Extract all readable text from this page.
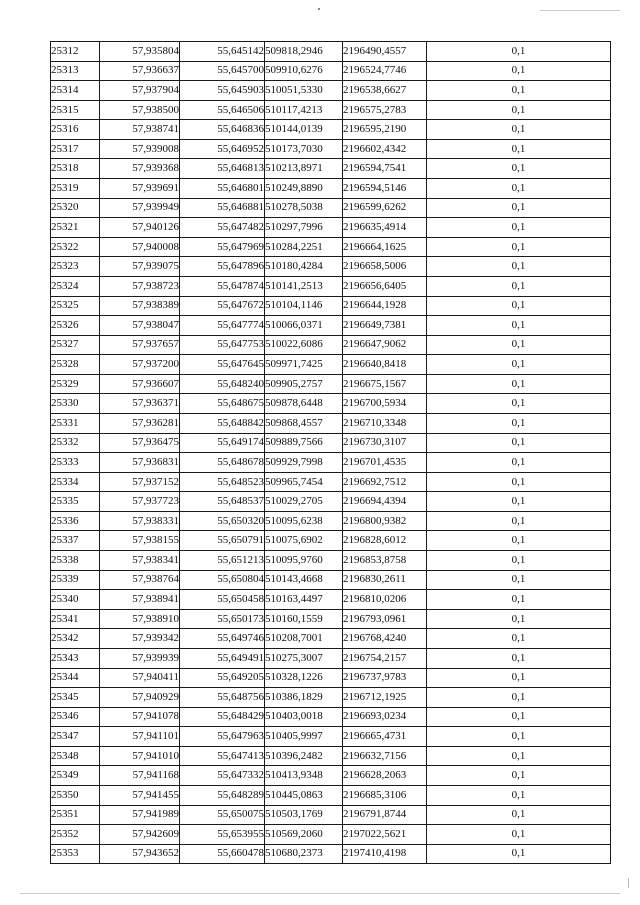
25312	57,935804	55,645142	509818,2946	2196490,4557	0,1
25313	57,936637	55,645700	509910,6276	2196524,7746	0,1
25314	57,937904	55,645903	510051,5330	2196538,6627	0,1
25315	57,938500	55,646506	510117,4213	2196575,2783	0,1
25316	57,938741	55,646836	510144,0139	2196595,2190	0,1
25317	57,939008	55,646952	510173,7030	2196602,4342	0,1
25318	57,939368	55,646813	510213,8971	2196594,7541	0,1
25319	57,939691	55,646801	510249,8890	2196594,5146	0,1
25320	57,939949	55,646881	510278,5038	2196599,6262	0,1
25321	57,940126	55,647482	510297,7996	2196635,4914	0,1
25322	57,940008	55,647969	510284,2251	2196664,1625	0,1
25323	57,939075	55,647896	510180,4284	2196658,5006	0,1
25324	57,938723	55,647874	510141,2513	2196656,6405	0,1
25325	57,938389	55,647672	510104,1146	2196644,1928	0,1
25326	57,938047	55,647774	510066,0371	2196649,7381	0,1
25327	57,937657	55,647753	510022,6086	2196647,9062	0,1
25328	57,937200	55,647645	509971,7425	2196640,8418	0,1
25329	57,936607	55,648240	509905,2757	2196675,1567	0,1
25330	57,936371	55,648675	509878,6448	2196700,5934	0,1
25331	57,936281	55,648842	509868,4557	2196710,3348	0,1
25332	57,936475	55,649174	509889,7566	2196730,3107	0,1
25333	57,936831	55,648678	509929,7998	2196701,4535	0,1
25334	57,937152	55,648523	509965,7454	2196692,7512	0,1
25335	57,937723	55,648537	510029,2705	2196694,4394	0,1
25336	57,938331	55,650320	510095,6238	2196800,9382	0,1
25337	57,938155	55,650791	510075,6902	2196828,6012	0,1
25338	57,938341	55,651213	510095,9760	2196853,8758	0,1
25339	57,938764	55,650804	510143,4668	2196830,2611	0,1
25340	57,938941	55,650458	510163,4497	2196810,0206	0,1
25341	57,938910	55,650173	510160,1559	2196793,0961	0,1
25342	57,939342	55,649746	510208,7001	2196768,4240	0,1
25343	57,939939	55,649491	510275,3007	2196754,2157	0,1
25344	57,940411	55,649205	510328,1226	2196737,9783	0,1
25345	57,940929	55,648756	510386,1829	2196712,1925	0,1
25346	57,941078	55,648429	510403,0018	2196693,0234	0,1
25347	57,941101	55,647963	510405,9997	2196665,4731	0,1
25348	57,941010	55,647413	510396,2482	2196632,7156	0,1
25349	57,941168	55,647332	510413,9348	2196628,2063	0,1
25350	57,941455	55,648289	510445,0863	2196685,3106	0,1
25351	57,941989	55,650075	510503,1769	2196791,8744	0,1
25352	57,942609	55,653955	510569,2060	2197022,5621	0,1
25353	57,943652	55,660478	510680,2373	2197410,4198	0,1
